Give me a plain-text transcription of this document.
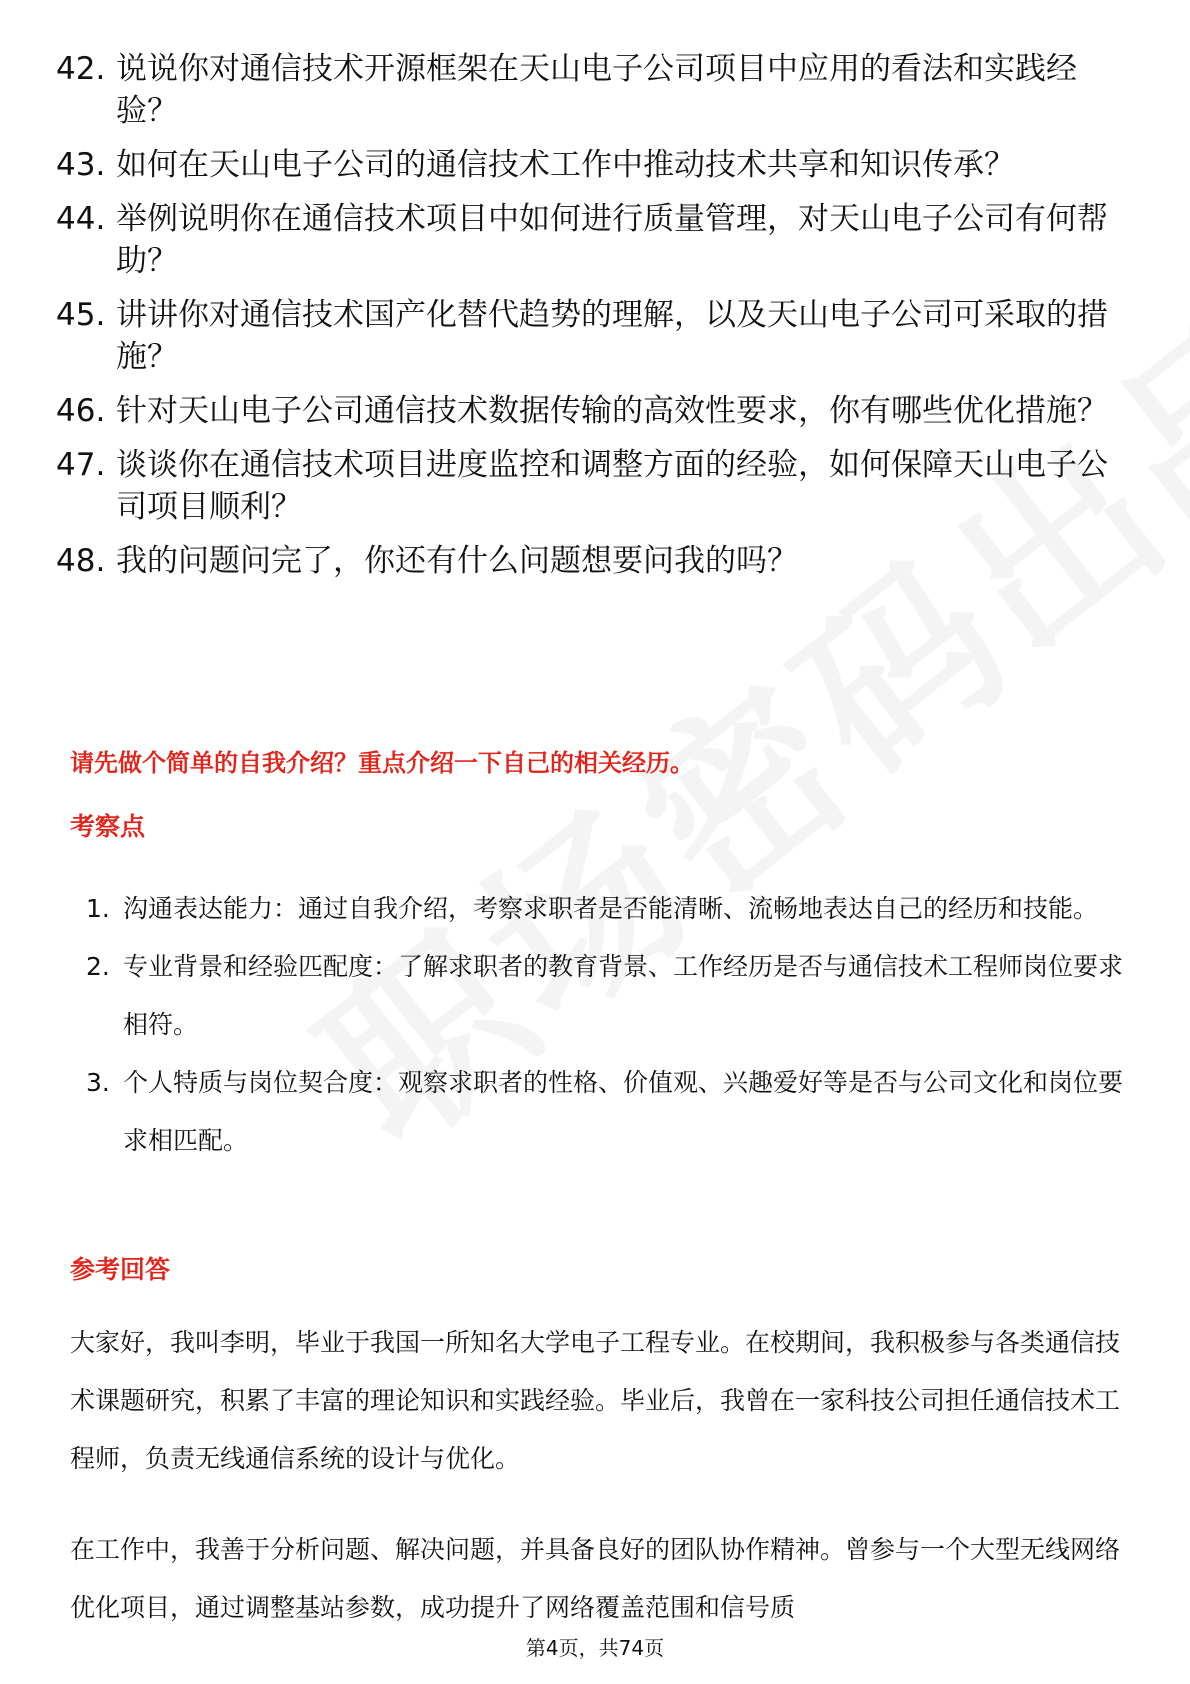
42. 说说你对通信技术开源框架在天山电子公司项目中应用的看法和实践经验？
43. 如何在天山电子公司的通信技术工作中推动技术共享和知识传承？
44. 举例说明你在通信技术项目中如何进行质量管理，对天山电子公司有何帮助？
45. 讲讲你对通信技术国产化替代趋势的理解，以及天山电子公司可采取的措施？
46. 针对天山电子公司通信技术数据传输的高效性要求，你有哪些优化措施？
47. 谈谈你在通信技术项目进度监控和调整方面的经验，如何保障天山电子公司项目顺利？
48. 我的问题问完了，你还有什么问题想要问我的吗？
请先做个简单的自我介绍？重点介绍一下自己的相关经历。
考察点
1. 沟通表达能力：通过自我介绍，考察求职者是否能清晰、流畅地表达自己的经历和技能。
2. 专业背景和经验匹配度：了解求职者的教育背景、工作经历是否与通信技术工程师岗位要求相符。
3. 个人特质与岗位契合度：观察求职者的性格、价值观、兴趣爱好等是否与公司文化和岗位要求相匹配。
参考回答

大家好，我叫李明，毕业于我国一所知名大学电子工程专业。在校期间，我积极参与各类通信技术课题研究，积累了丰富的理论知识和实践经验。毕业后，我曾在一家科技公司担任通信技术工程师，负责无线通信系统的设计与优化。

在工作中，我善于分析问题、解决问题，并具备良好的团队协作精神。曾参与一个大型无线网络优化项目，通过调整基站参数，成功提升了网络覆盖范围和信号质

第4页，共74页
